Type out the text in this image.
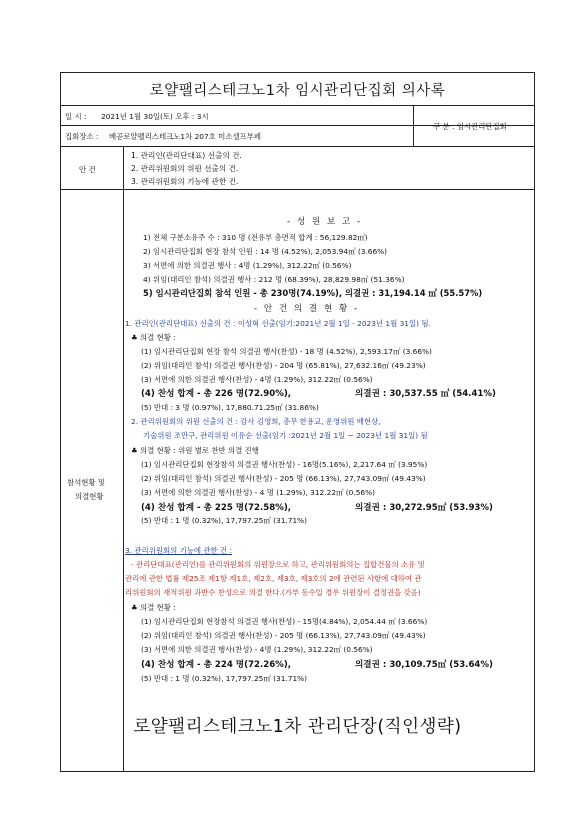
로얄팰리스테크노1차 임시관리단집회 의사록
일 시 : 2021년 1월 30일(토) 오후 : 3시
집회장소 : 배곧로얄팰리스테크노1차 207호 미소셀프부페
구 분 : 임시관리단집회
안 건
1. 관리인(관리단대표) 선출의 건.
2. 관리위원회의 위원 선출의 건.
3. 관리위원회의 기능에 관한 건.
참석현황 및
의결현황
- 성 원 보 고 -
1) 전체 구분소유주 수 : 310 명 (전유부 총면적 합계 : 56,129.82㎡)
2) 임시관리단집회 현장 참석 인원 : 14 명 (4.52%), 2,053.94㎡ (3.66%)
3) 서면에 의한 의결권 행사 : 4명 (1.29%), 312.22㎡ (0.56%)
4) 위임(대리인 참석) 의결권 행사 : 212 명 (68.39%), 28,829.98㎡ (51.36%)
5) 임시관리단집회 참석 인원 - 총 230명(74.19%), 의결권 : 31,194.14 ㎡ (55.57%)
- 안 건 의 결 현 황 -
1. 관리인(관리단대표) 선출의 건 : 이성혁 선출(임기:2021년 2월 1일 - 2023년 1월 31일) 됨.
♣ 의결 현황 :
(1) 임시관리단집회 현장 참석 의결권 행사(찬성) - 18 명 (4.52%), 2,593.17㎡ (3.66%)
(2) 위임(대리인 참석) 의결권 행사(찬성) - 204 명 (65.81%), 27,632.16㎡ (49.23%)
(3) 서면에 의한 의결권 행사(찬성) - 4명 (1.29%), 312.22㎡ (0.56%)
(4) 찬성 합계 - 총 226 명(72.90%),	의결권 : 30,537.55 ㎡ (54.41%)
(5) 반대 : 3 명 (0.97%), 17,880.71.25㎡ (31.86%)
2. 관리위원회의 위원 선출의 건 : 감사 김영희, 총무 한용교, 운영위원 배현상,
기술위원 조만구, 관리위원 이유순 선출(임기 :2021년 2월 1일 ~ 2023년 1월 31일) 됨
♣ 의결 현황 : 위원 별로 찬반 의결 진행
(1) 임시관리단집회 현장참석 의결권 행사(찬성) - 16명(5.16%), 2,217.64 ㎡ (3.95%)
(2) 위임(대리인 참석) 의결권 행사(찬성) - 205 명 (66.13%), 27,743.09㎡ (49.43%)
(3) 서면에 의한 의결권 행사(찬성) - 4 명 (1.29%), 312.22㎡ (0.56%)
(4) 찬성 합계 - 총 225 명(72.58%),	의결권 : 30,272.95㎡ (53.93%)
(5) 반대 : 1 명 (0.32%), 17,797.25㎡ (31.71%)
3. 관리위원회의 기능에 관한 건 :
- 관리단대표(관리인)를 관리위원회의 위원장으로 하고, 관리위원회의는 집합건물의 소유 및
관리에 관한 법률 제25조 제1항 제1호, 제2호, 제3호, 제3호의 2에 관련된 사항에 대하여 관
리위원회의 재적위원 과반수 찬성으로 의결 한다.(가부 동수일 경우 위원장이 결정권을 갖음)
♣ 의결 현황 :
(1) 임시관리단집회 현장참석 의결권 행사(찬성) - 15명(4.84%), 2,054.44 ㎡ (3.66%)
(2) 위임(대리인 참석) 의결권 행사(찬성) - 205 명 (66.13%), 27,743.09㎡ (49.43%)
(3) 서면에 의한 의결권 행사(찬성) - 4명 (1.29%), 312.22㎡ (0.56%)
(4) 찬성 합계 - 총 224 명(72.26%),	의결권 : 30,109.75㎡ (53.64%)
(5) 반대 : 1 명 (0.32%), 17,797.25㎡ (31.71%)
로얄팰리스테크노1차 관리단장(직인생략)
